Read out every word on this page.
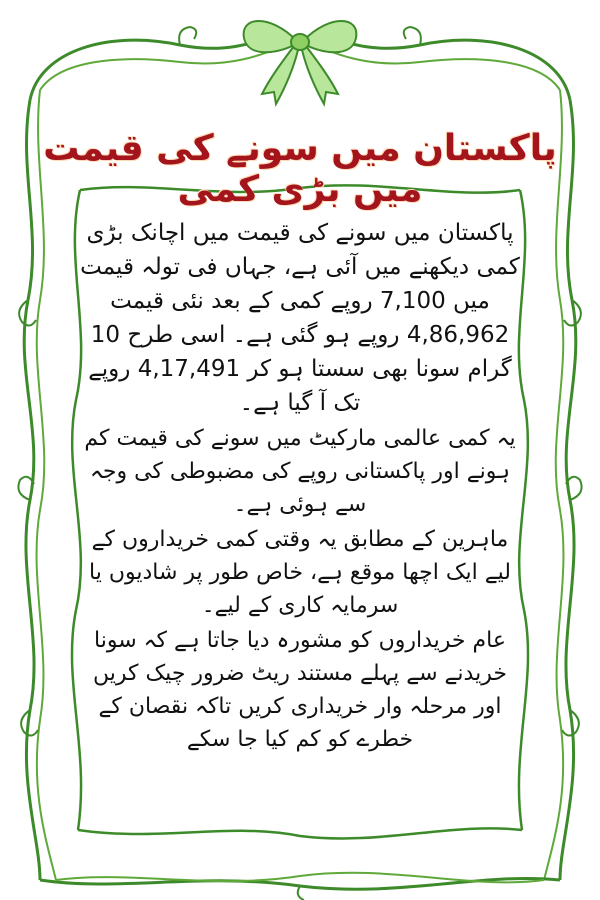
پاکستان میں سونے کی قیمت میں بڑی کمی

پاکستان میں سونے کی قیمت میں اچانک بڑی کمی دیکھنے میں آئی ہے، جہاں فی تولہ قیمت میں 7,100 روپے کمی کے بعد نئی قیمت 4,86,962 روپے ہو گئی ہے۔ اسی طرح 10 گرام سونا بھی سستا ہو کر 4,17,491 روپے تک آ گیا ہے۔

یہ کمی عالمی مارکیٹ میں سونے کی قیمت کم ہونے اور پاکستانی روپے کی مضبوطی کی وجہ سے ہوئی ہے۔

ماہرین کے مطابق یہ وقتی کمی خریداروں کے لیے ایک اچھا موقع ہے، خاص طور پر شادیوں یا سرمایہ کاری کے لیے۔

عام خریداروں کو مشورہ دیا جاتا ہے کہ سونا خریدنے سے پہلے مستند ریٹ ضرور چیک کریں اور مرحلہ وار خریداری کریں تاکہ نقصان کے خطرے کو کم کیا جا سکے
